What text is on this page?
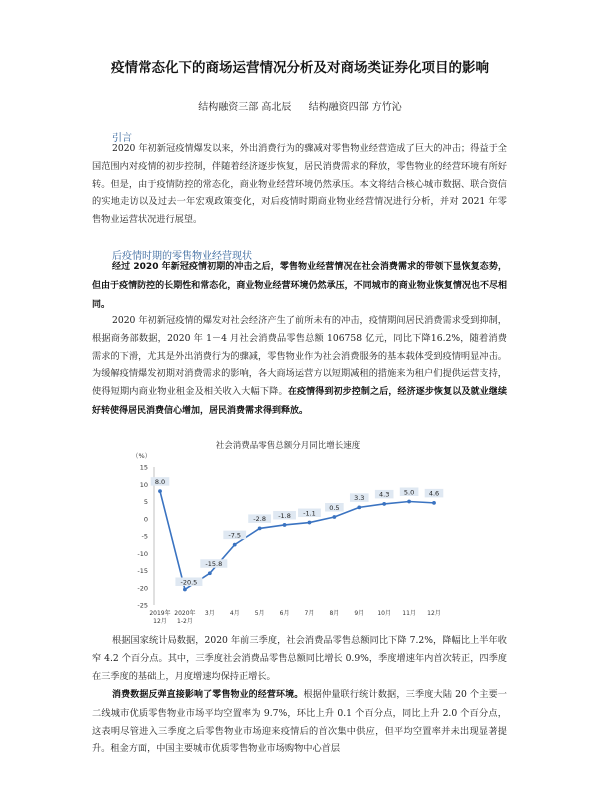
疫情常态化下的商场运营情况分析及对商场类证券化项目的影响
结构融资三部 高北辰 结构融资四部 方竹沁
引言

2020 年初新冠疫情爆发以来，外出消费行为的骤减对零售物业经营造成了巨大的冲击；得益于全国范围内对疫情的初步控制，伴随着经济逐步恢复，居民消费需求的释放，零售物业的经营环境有所好转。但是，由于疫情防控的常态化，商业物业经营环境仍然承压。本文将结合核心城市数据、联合资信的实地走访以及过去一年宏观政策变化，对后疫情时期商业物业经营情况进行分析，并对 2021 年零售物业运营状况进行展望。

后疫情时期的零售物业经营现状

经过 2020 年新冠疫情初期的冲击之后，零售物业经营情况在社会消费需求的带领下显恢复态势，但由于疫情防控的长期性和常态化，商业物业经营环境仍然承压，不同城市的商业物业恢复情况也不尽相同。

2020 年初新冠疫情的爆发对社会经济产生了前所未有的冲击，疫情期间居民消费需求受到抑制，根据商务部数据，2020 年 1－4 月社会消费品零售总额 106758 亿元，同比下降16.2%，随着消费需求的下滑，尤其是外出消费行为的骤减，零售物业作为社会消费服务的基本载体受到疫情明显冲击。为缓解疫情爆发初期对消费需求的影响，各大商场运营方以短期减租的措施来为租户们提供运营支持，使得短期内商业物业租金及相关收入大幅下降。在疫情得到初步控制之后，经济逐步恢复以及就业继续好转使得居民消费信心增加，居民消费需求得到释放。

社会消费品零售总额分月同比增长速度
（%）
15
10
5
0
-5
-10
-15
-20
-25
2019年
12月
2020年
1-2月
3月	4月	5月	6月	7月	8月	9月 10月 11月 12月
8.0
-20.5
-15.8
-7.5
-2.8 -1.8 -1.1
0.5
3.3 4.3 5.0 4.6

根据国家统计局数据，2020 年前三季度，社会消费品零售总额同比下降 7.2%，降幅比上半年收窄 4.2 个百分点。其中，三季度社会消费品零售总额同比增长 0.9%，季度增速年内首次转正，四季度在三季度的基础上，月度增速均保持正增长。

消费数据反弹直接影响了零售物业的经营环境。根据仲量联行统计数据，三季度大陆 20 个主要一二线城市优质零售物业市场平均空置率为 9.7%，环比上升 0.1 个百分点，同比上升 2.0 个百分点，这表明尽管进入三季度之后零售物业市场迎来疫情后的首次集中供应，但平均空置率并未出现显著提升。租金方面，中国主要城市优质零售物业市场购物中心首层
